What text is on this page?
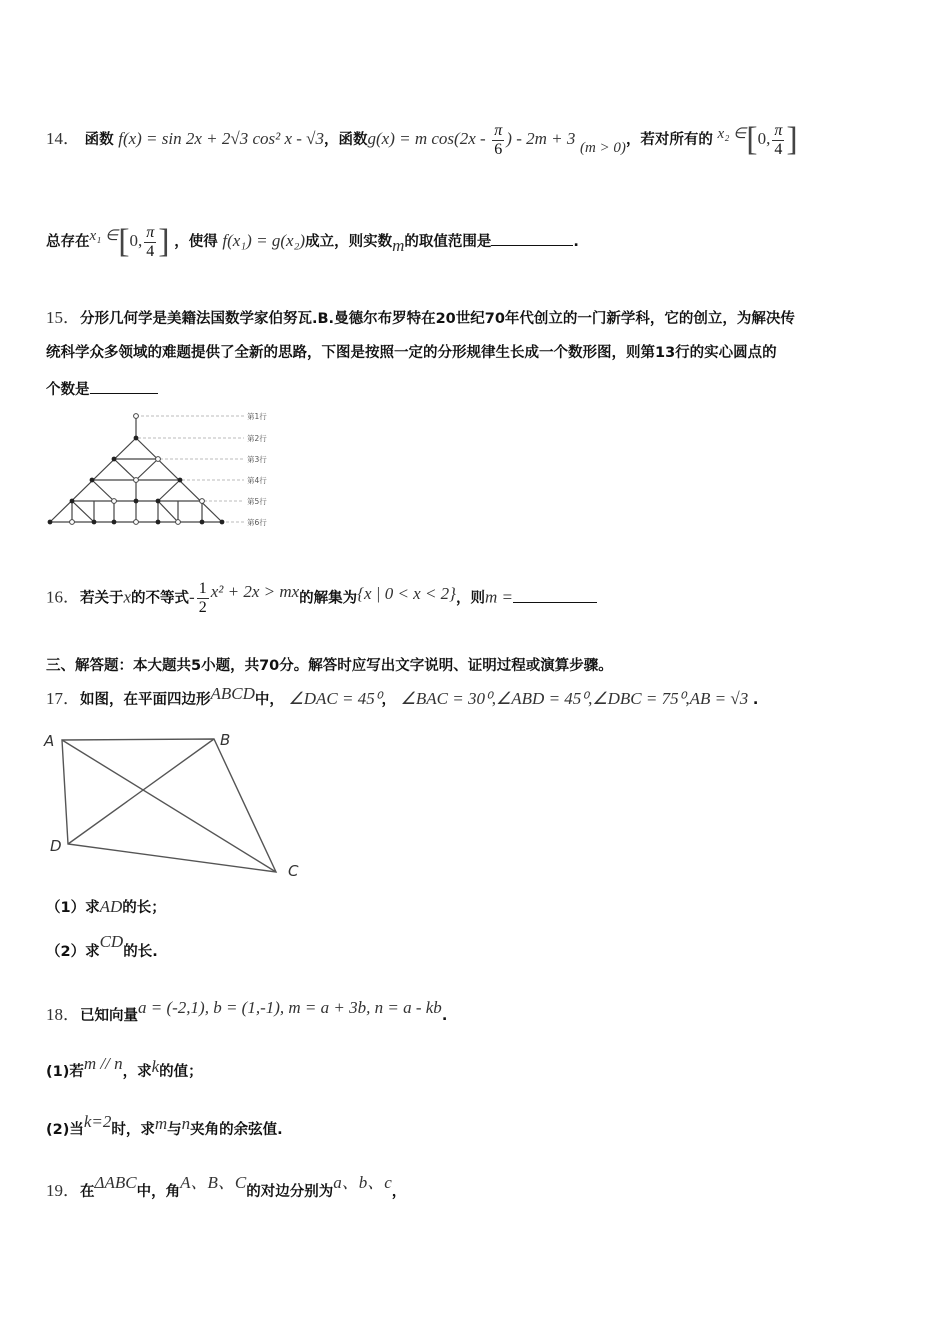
14． 函数 f(x) = sin 2x + 2√3 cos² x - √3，函数g(x) = m $\cos(2x - \frac{\pi}{6}$ ) - 2m + 3 (m > 0)，若对所有的 x₂ ∈[0, $\frac{\pi}{4}$ ]
总存在x₁ ∈[0, $\frac{\pi}{4}$ ] ，使得 f(x₁) = g(x₂)成立，则实数m的取值范围是	.
15．分形几何学是美籍法国数学家伯努瓦.B.曼德尔布罗特在20世纪70年代创立的一门新学科，它的创立，为解决传
统科学众多领域的难题提供了全新的思路，下图是按照一定的分形规律生长成一个数形图，则第13行的实心圆点的
个数是
第1行
第2行
第3行
第4行
第5行
第6行
16．若关于x的不等式- $\frac{1}{2} x^2 + 2x$ > mx的解集为{x | 0 < x < 2}，则m =
三、解答题：本大题共5小题，共70分。解答时应写出文字说明、证明过程或演算步骤。
17．如图，在平面四边形ABCD中， ∠DAC = 45⁰， ∠BAC = 30⁰,∠ABD = 45⁰,∠DBC = 75⁰,AB = √3 .
A	B
C
D
（1）求AD的长；
（2）求CD的长.
18．已知向量a = (-2,1), b = (1,-1), m = a + 3b, n = a - kb.
(1)若m // n，求k的值；
(2)当k=2时，求m与n夹角的余弦值.
19．在ΔABC中，角A、B、C的对边分别为a、b、c，
